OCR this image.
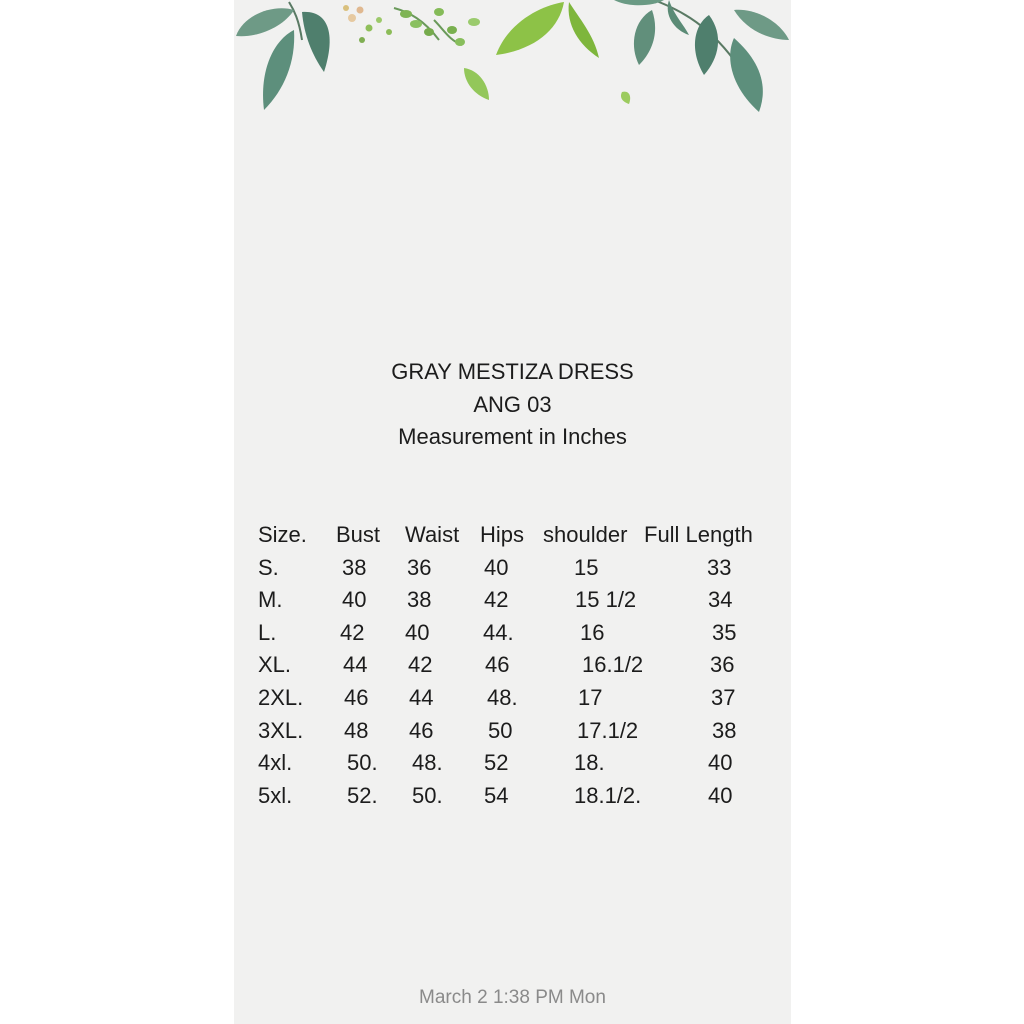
GRAY MESTIZA DRESS
ANG 03
Measurement in Inches
Size. Bust Waist Hips shoulder Full Length
S.	38 36 40	15	33
M.	40 38 42	15 1/2	34
L.	42 40 44.	16	35
XL. 44 42 46	16.1/2	36
2XL. 46 44 48.	17	37
3XL. 48 46 50	17.1/2	38
4xl. 50. 48. 52	18.	40
5xl. 52. 50. 54	18.1/2.	40
March 2 1:38 PM Mon
